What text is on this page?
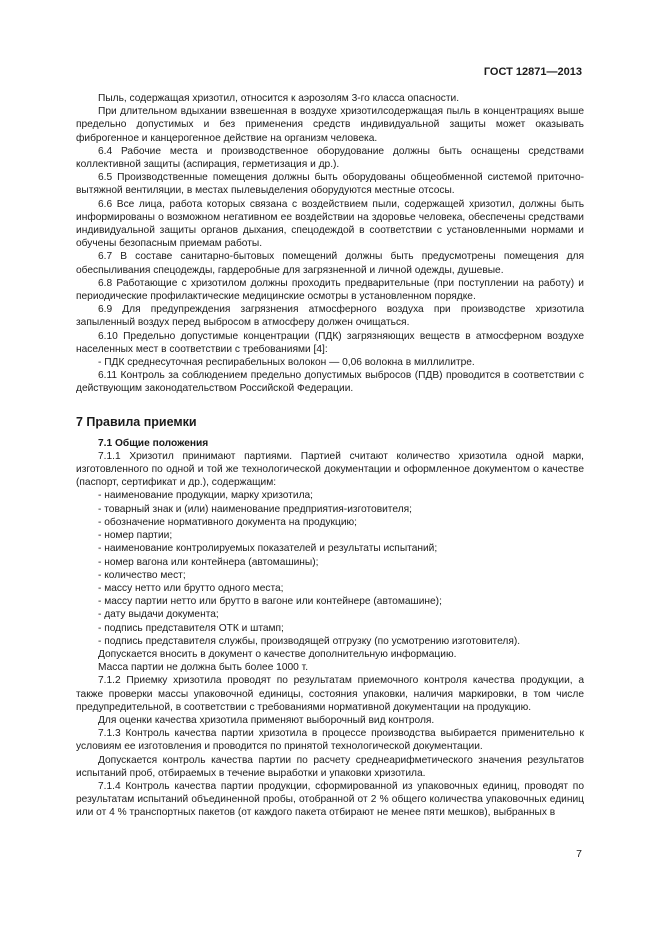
ГОСТ 12871—2013

Пыль, содержащая хризотил, относится к аэрозолям 3-го класса опасности.

При длительном вдыхании взвешенная в воздухе хризотилсодержащая пыль в концентрациях выше предельно допустимых и без применения средств индивидуальной защиты может оказывать фиброгенное и канцерогенное действие на организм человека.

6.4 Рабочие места и производственное оборудование должны быть оснащены средствами коллективной защиты (аспирация, герметизация и др.).

6.5 Производственные помещения должны быть оборудованы общеобменной системой приточно-вытяжной вентиляции, в местах пылевыделения оборудуются местные отсосы.

6.6 Все лица, работа которых связана с воздействием пыли, содержащей хризотил, должны быть информированы о возможном негативном ее воздействии на здоровье человека, обеспечены средствами индивидуальной защиты органов дыхания, спецодеждой в соответствии с установленными нормами и обучены безопасным приемам работы.

6.7 В составе санитарно-бытовых помещений должны быть предусмотрены помещения для обеспыливания спецодежды, гардеробные для загрязненной и личной одежды, душевые.

6.8 Работающие с хризотилом должны проходить предварительные (при поступлении на работу) и периодические профилактические медицинские осмотры в установленном порядке.

6.9 Для предупреждения загрязнения атмосферного воздуха при производстве хризотила запыленный воздух перед выбросом в атмосферу должен очищаться.

6.10 Предельно допустимые концентрации (ПДК) загрязняющих веществ в атмосферном воздухе населенных мест в соответствии с требованиями [4]:

- ПДК среднесуточная респирабельных волокон — 0,06 волокна в миллилитре.

6.11 Контроль за соблюдением предельно допустимых выбросов (ПДВ) проводится в соответствии с действующим законодательством Российской Федерации.

7 Правила приемки

7.1 Общие положения

7.1.1 Хризотил принимают партиями. Партией считают количество хризотила одной марки, изготовленного по одной и той же технологической документации и оформленное документом о качестве (паспорт, сертификат и др.), содержащим:

- наименование продукции, марку хризотила;

- товарный знак и (или) наименование предприятия-изготовителя;

- обозначение нормативного документа на продукцию;

- номер партии;

- наименование контролируемых показателей и результаты испытаний;

- номер вагона или контейнера (автомашины);

- количество мест;

- массу нетто или брутто одного места;

- массу партии нетто или брутто в вагоне или контейнере (автомашине);

- дату выдачи документа;

- подпись представителя ОТК и штамп;

- подпись представителя службы, производящей отгрузку (по усмотрению изготовителя).

Допускается вносить в документ о качестве дополнительную информацию.

Масса партии не должна быть более 1000 т.

7.1.2 Приемку хризотила проводят по результатам приемочного контроля качества продукции, а также проверки массы упаковочной единицы, состояния упаковки, наличия маркировки, в том числе предупредительной, в соответствии с требованиями нормативной документации на продукцию.

Для оценки качества хризотила применяют выборочный вид контроля.

7.1.3 Контроль качества партии хризотила в процессе производства выбирается применительно к условиям ее изготовления и проводится по принятой технологической документации.

Допускается контроль качества партии по расчету среднеарифметического значения результатов испытаний проб, отбираемых в течение выработки и упаковки хризотила.

7.1.4 Контроль качества партии продукции, сформированной из упаковочных единиц, проводят по результатам испытаний объединенной пробы, отобранной от 2 % общего количества упаковочных единиц или от 4 % транспортных пакетов (от каждого пакета отбирают не менее пяти мешков), выбранных в

7
